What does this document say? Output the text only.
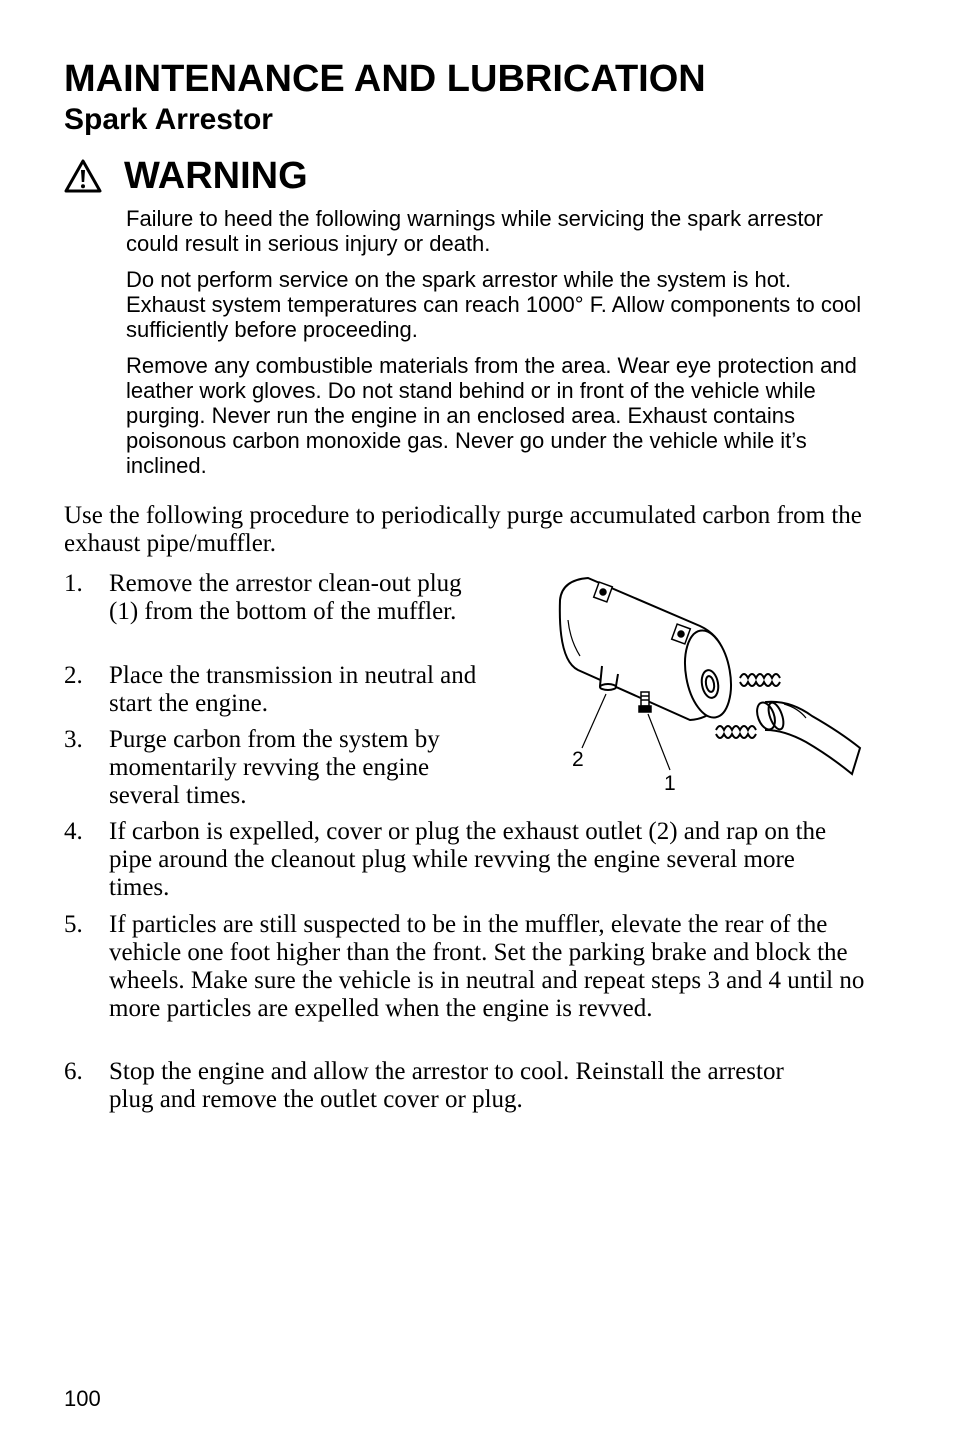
MAINTENANCE AND LUBRICATION
Spark Arrestor
WARNING

Failure to heed the following warnings while servicing the spark arrestor could result in serious injury or death.

Do not perform service on the spark arrestor while the system is hot. Exhaust system temperatures can reach 1000° F. Allow components to cool sufficiently before proceeding.

Remove any combustible materials from the area. Wear eye protection and leather work gloves. Do not stand behind or in front of the vehicle while purging. Never run the engine in an enclosed area. Exhaust contains poisonous carbon monoxide gas. Never go under the vehicle while it’s inclined.

Use the following procedure to periodically purge accumulated carbon from the exhaust pipe/muffler.

1.	Remove the arrestor clean-out plug (1) from the bottom of the muffler.
2.	Place the transmission in neutral and start the engine.
3.	Purge carbon from the system by momentarily revving the engine several times.
4.	If carbon is expelled, cover or plug the exhaust outlet (2) and rap on the pipe around the cleanout plug while revving the engine several more times.
5.	If particles are still suspected to be in the muffler, elevate the rear of the vehicle one foot higher than the front. Set the parking brake and block the wheels. Make sure the vehicle is in neutral and repeat steps 3 and 4 until no more particles are expelled when the engine is revved.
6.	Stop the engine and allow the arrestor to cool. Reinstall the arrestor plug and remove the outlet cover or plug.
2
1
100
